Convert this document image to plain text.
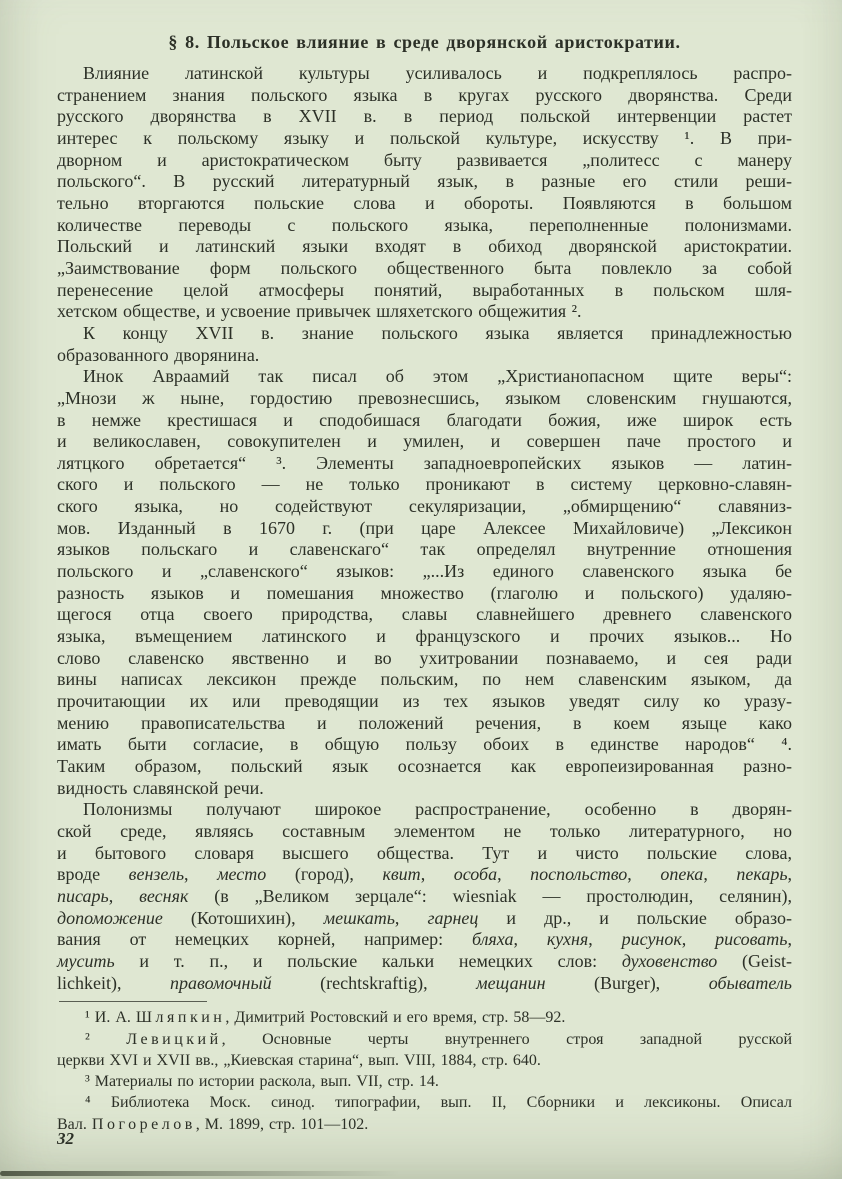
§ 8. Польское влияние в среде дворянской аристократии.
Влияние латинской культуры усиливалось и подкреплялось распро-
странением знания польского языка в кругах русского дворянства. Среди
русского дворянства в XVII в. в период польской интервенции растет
интерес к польскому языку и польской культуре, искусству ¹. В при-
дворном и аристократическом быту развивается „политесс с манеру
польского“. В русский литературный язык, в разные его стили реши-
тельно вторгаются польские слова и обороты. Появляются в большом
количестве переводы с польского языка, переполненные полонизмами.
Польский и латинский языки входят в обиход дворянской аристократии.
„Заимствование форм польского общественного быта повлекло за собой
перенесение целой атмосферы понятий, выработанных в польском шля-
хетском обществе, и усвоение привычек шляхетского общежития ².
К концу XVII в. знание польского языка является принадлежностью
образованного дворянина.
Инок Авраамий так писал об этом „Христианопасном щите веры“:
„Мнози ж ныне, гордостию превознесшись, языком словенским гнушаются,
в немже крестишася и сподобишася благодати божия, иже широк есть
и великославен, совокупителен и умилен, и совершен паче простого и
лятцкого обретается“ ³. Элементы западноевропейских языков — латин-
ского и польского — не только проникают в систему церковно-славян-
ского языка, но содействуют секуляризации, „обмирщению“ славяниз-
мов. Изданный в 1670 г. (при царе Алексее Михайловиче) „Лексикон
языков польскаго и славенскаго“ так определял внутренние отношения
польского и „славенского“ языков: „...Из единого славенского языка бе
разность языков и помешания множество (глаголю и польского) удаляю-
щегося отца своего природства, славы славнейшего древнего славенского
языка, въмещением латинского и французского и прочих языков... Но
слово славенско явственно и во ухитровании познаваемо, и сея ради
вины написах лексикон прежде польским, по нем славенским языком, да
прочитающии их или преводящии из тех языков уведят силу ко уразу-
мению правописательства и положений речения, в коем языце како
имать быти согласие, в общую пользу обоих в единстве народов“ ⁴.
Таким образом, польский язык осознается как европеизированная разно-
видность славянской речи.
Полонизмы получают широкое распространение, особенно в дворян-
ской среде, являясь составным элементом не только литературного, но
и бытового словаря высшего общества. Тут и чисто польские слова,
вроде вензель, место (город), квит, особа, поспольство, опека, пекарь,
писарь, весняк (в „Великом зерцале“: wiesniak — простолюдин, селянин),
допоможение (Котошихин), мешкать, гарнец и др., и польские образо-
вания от немецких корней, например: бляха, кухня, рисунок, рисовать,
мусить и т. п., и польские кальки немецких слов: духовенство (Geist-
lichkeit), правомочный (rechtskraftig), мещанин (Burger), обыватель
¹ И. А. Шляпкин, Димитрий Ростовский и его время, стр. 58—92.
² Левицкий, Основные черты внутреннего строя западной русской
церкви XVI и XVII вв., „Киевская старина“, вып. VIII, 1884, стр. 640.
³ Материалы по истории раскола, вып. VII, стр. 14.
⁴ Библиотека Моск. синод. типографии, вып. II, Сборники и лексиконы. Описал
Вал. Погорелов, М. 1899, стр. 101—102.
32
